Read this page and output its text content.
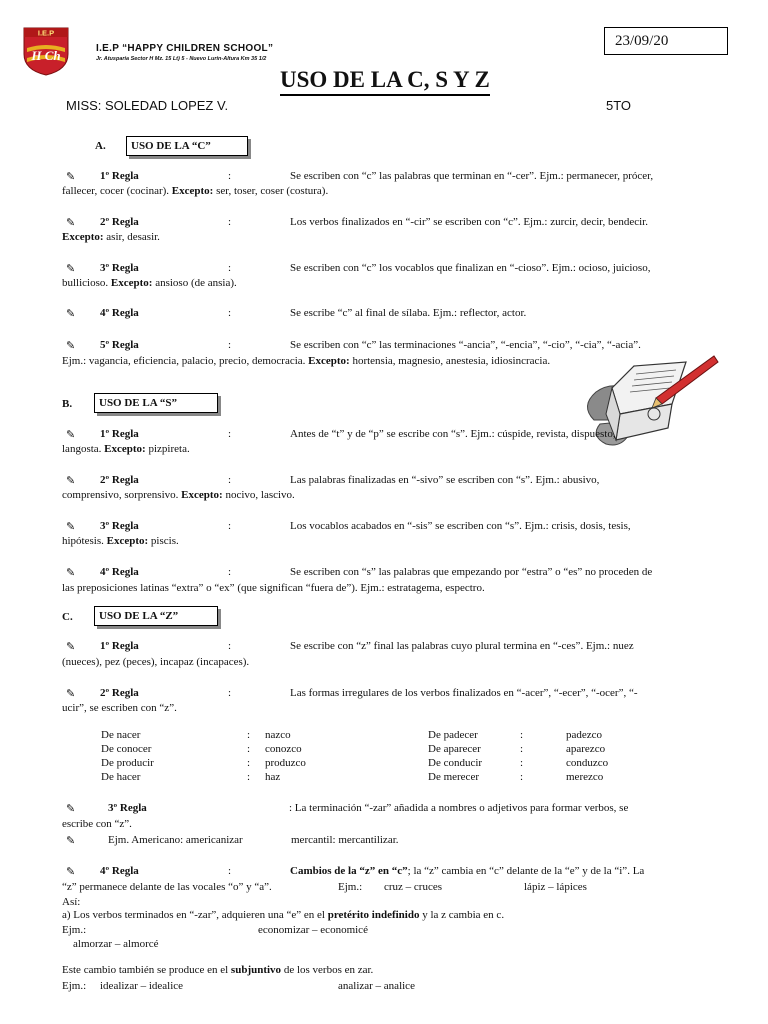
I.E.P
H Ch	I.E.P “HAPPY CHILDREN SCHOOL”
Jr. Atusparia Sector H Mz. 15 Lt) 5 - Nuevo Lurin-Altura Km 35 1/2
23/09/20
USO DE LA C, S Y Z
MISS: SOLEDAD LOPEZ V.	5TO
A.	USO DE LA “C”
✎ 1º Regla	:	Se escriben con “c” las palabras que terminan en “-cer”. Ejm.: permanecer, prócer,
fallecer, cocer (cocinar). Excepto: ser, toser, coser (costura).
✎ 2º Regla	:	Los verbos finalizados en “-cir” se escriben con “c”. Ejm.: zurcir, decir, bendecir.
Excepto: asir, desasir.
✎ 3º Regla	:	Se escriben con “c” los vocablos que finalizan en “-cioso”. Ejm.: ocioso, juicioso,
bullicioso. Excepto: ansioso (de ansia).
✎ 4º Regla	:	Se escribe “c” al final de sílaba. Ejm.: reflector, actor.
✎ 5º Regla	:	Se escriben con “c” las terminaciones “-ancia”, “-encia”, “-cio”, “-cia”, “-acia”.
Ejm.: vagancia, eficiencia, palacio, precio, democracia. Excepto: hortensia, magnesio, anestesia, idiosincracia.
B.	USO DE LA “S”
✎ 1º Regla	:	Antes de “t” y de “p” se escribe con “s”. Ejm.: cúspide, revista, dispuesto,
langosta. Excepto: pizpireta.
✎ 2º Regla	:	Las palabras finalizadas en “-sivo” se escriben con “s”. Ejm.: abusivo,
comprensivo, sorprensivo. Excepto: nocivo, lascivo.
✎ 3º Regla	:	Los vocablos acabados en “-sis” se escriben con “s”. Ejm.: crisis, dosis, tesis,
hipótesis. Excepto: piscis.
✎ 4º Regla	:	Se escriben con “s” las palabras que empezando por “estra” o “es” no proceden de
las preposiciones latinas “extra” o “ex” (que significan “fuera de”). Ejm.: estratagema, espectro.
C.	USO DE LA “Z”
✎ 1º Regla	:	Se escribe con “z” final las palabras cuyo plural termina en “-ces”. Ejm.: nuez
(nueces), pez (peces), incapaz (incapaces).
✎ 2º Regla	:	Las formas irregulares de los verbos finalizados en “-acer”, “-ecer”, “-ocer”, “-
ucir”, se escriben con “z”.
De nacer	: nazco	De padecer	:	padezco
De conocer	: conozco	De aparecer	:	aparezco
De producir	: produzco	De conducir	:	conduzco
De hacer	: haz	De merecer	:	merezco
✎	3º Regla	: La terminación “-zar” añadida a nombres o adjetivos para formar verbos, se
escribe con “z”.
✎	Ejm. Americano: americanizar	mercantil: mercantilizar.
✎ 4º Regla	:	Cambios de la “z” en “c”; la “z” cambia en “c” delante de la “e” y de la “i”. La
“z” permanece delante de las vocales “o” y “a”.	Ejm.: cruz – cruces	lápiz – lápices
Así:
a) Los verbos terminados en “-zar”, adquieren una “e” en el pretérito indefinido y la z cambia en c.
Ejm.:	economizar – economicé
almorzar – almorcé
Este cambio también se produce en el subjuntivo de los verbos en zar.
Ejm.: idealizar – idealice	analizar – analice
